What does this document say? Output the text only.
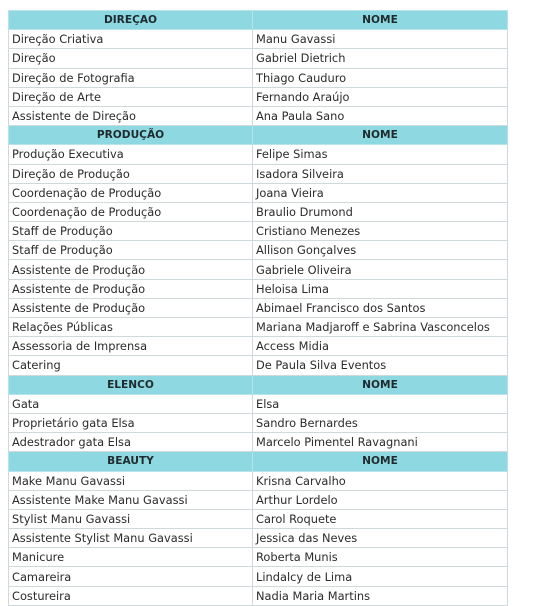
DIREÇAO	NOME
Direção Criativa	Manu Gavassi
Direção	Gabriel Dietrich
Direção de Fotografia	Thiago Cauduro
Direção de Arte	Fernando Araújo
Assistente de Direção	Ana Paula Sano
PRODUÇÃO	NOME
Produção Executiva	Felipe Simas
Direção de Produção	Isadora Silveira
Coordenação de Produção	Joana Vieira
Coordenação de Produção	Braulio Drumond
Staff de Produção	Cristiano Menezes
Staff de Produção	Allison Gonçalves
Assistente de Produção	Gabriele Oliveira
Assistente de Produção	Heloisa Lima
Assistente de Produção	Abimael Francisco dos Santos
Relações Públicas	Mariana Madjaroff e Sabrina Vasconcelos
Assessoria de Imprensa	Access Midia
Catering	De Paula Silva Eventos
ELENCO	NOME
Gata	Elsa
Proprietário gata Elsa	Sandro Bernardes
Adestrador gata Elsa	Marcelo Pimentel Ravagnani
BEAUTY	NOME
Make Manu Gavassi	Krisna Carvalho
Assistente Make Manu Gavassi	Arthur Lordelo
Stylist Manu Gavassi	Carol Roquete
Assistente Stylist Manu Gavassi	Jessica das Neves
Manicure	Roberta Munis
Camareira	Lindalcy de Lima
Costureira	Nadia Maria Martins
